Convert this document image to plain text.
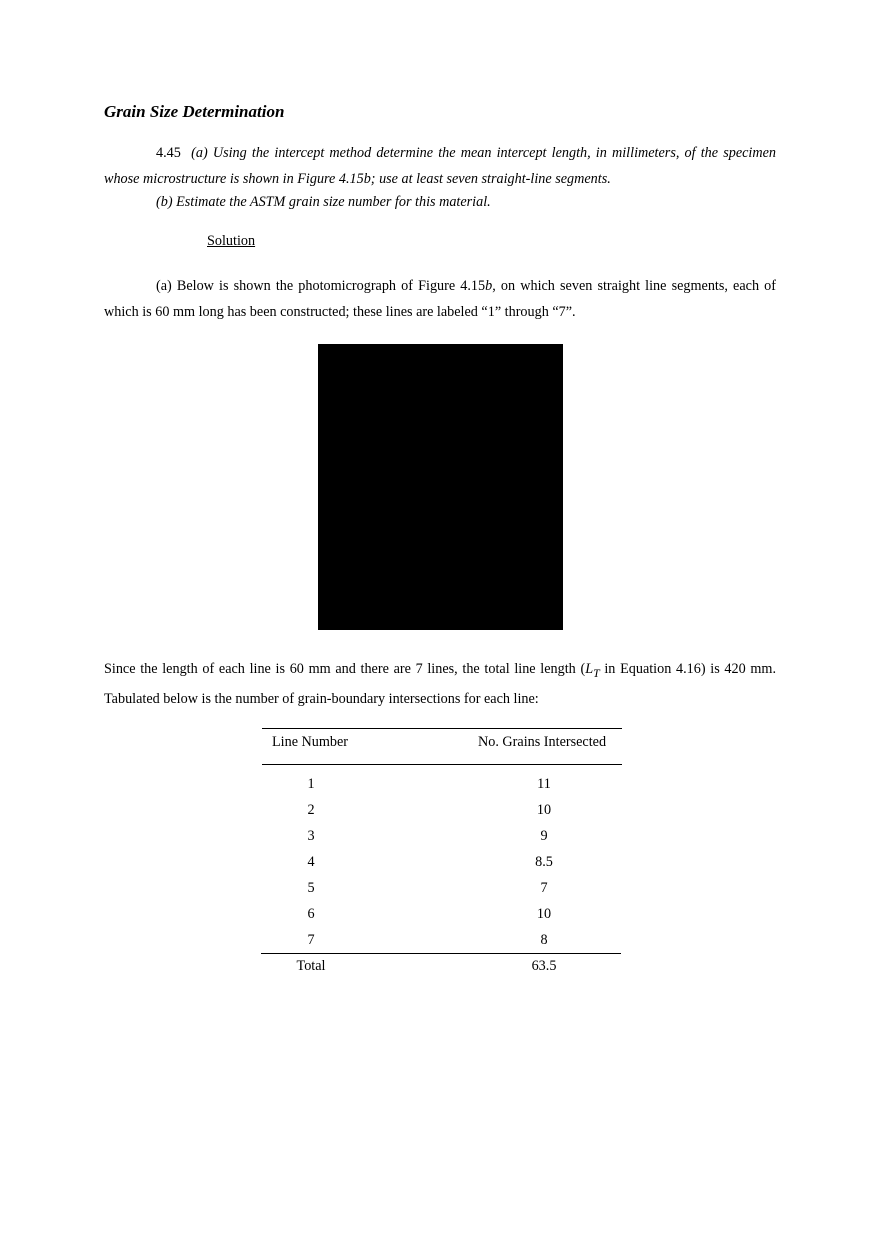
Grain Size Determination
4.45 (a) Using the intercept method determine the mean intercept length, in millimeters, of the specimen whose microstructure is shown in Figure 4.15b; use at least seven straight-line segments.
(b) Estimate the ASTM grain size number for this material.
Solution
(a) Below is shown the photomicrograph of Figure 4.15b, on which seven straight line segments, each of which is 60 mm long has been constructed; these lines are labeled “1” through “7”.
Since the length of each line is 60 mm and there are 7 lines, the total line length ($L_T$ in Equation 4.16) is 420 mm. Tabulated below is the number of grain-boundary intersections for each line:
Line Number	No. Grains Intersected
1	11
2	10
3	9
4	8.5
5	7
6	10
7	8
Total	63.5
